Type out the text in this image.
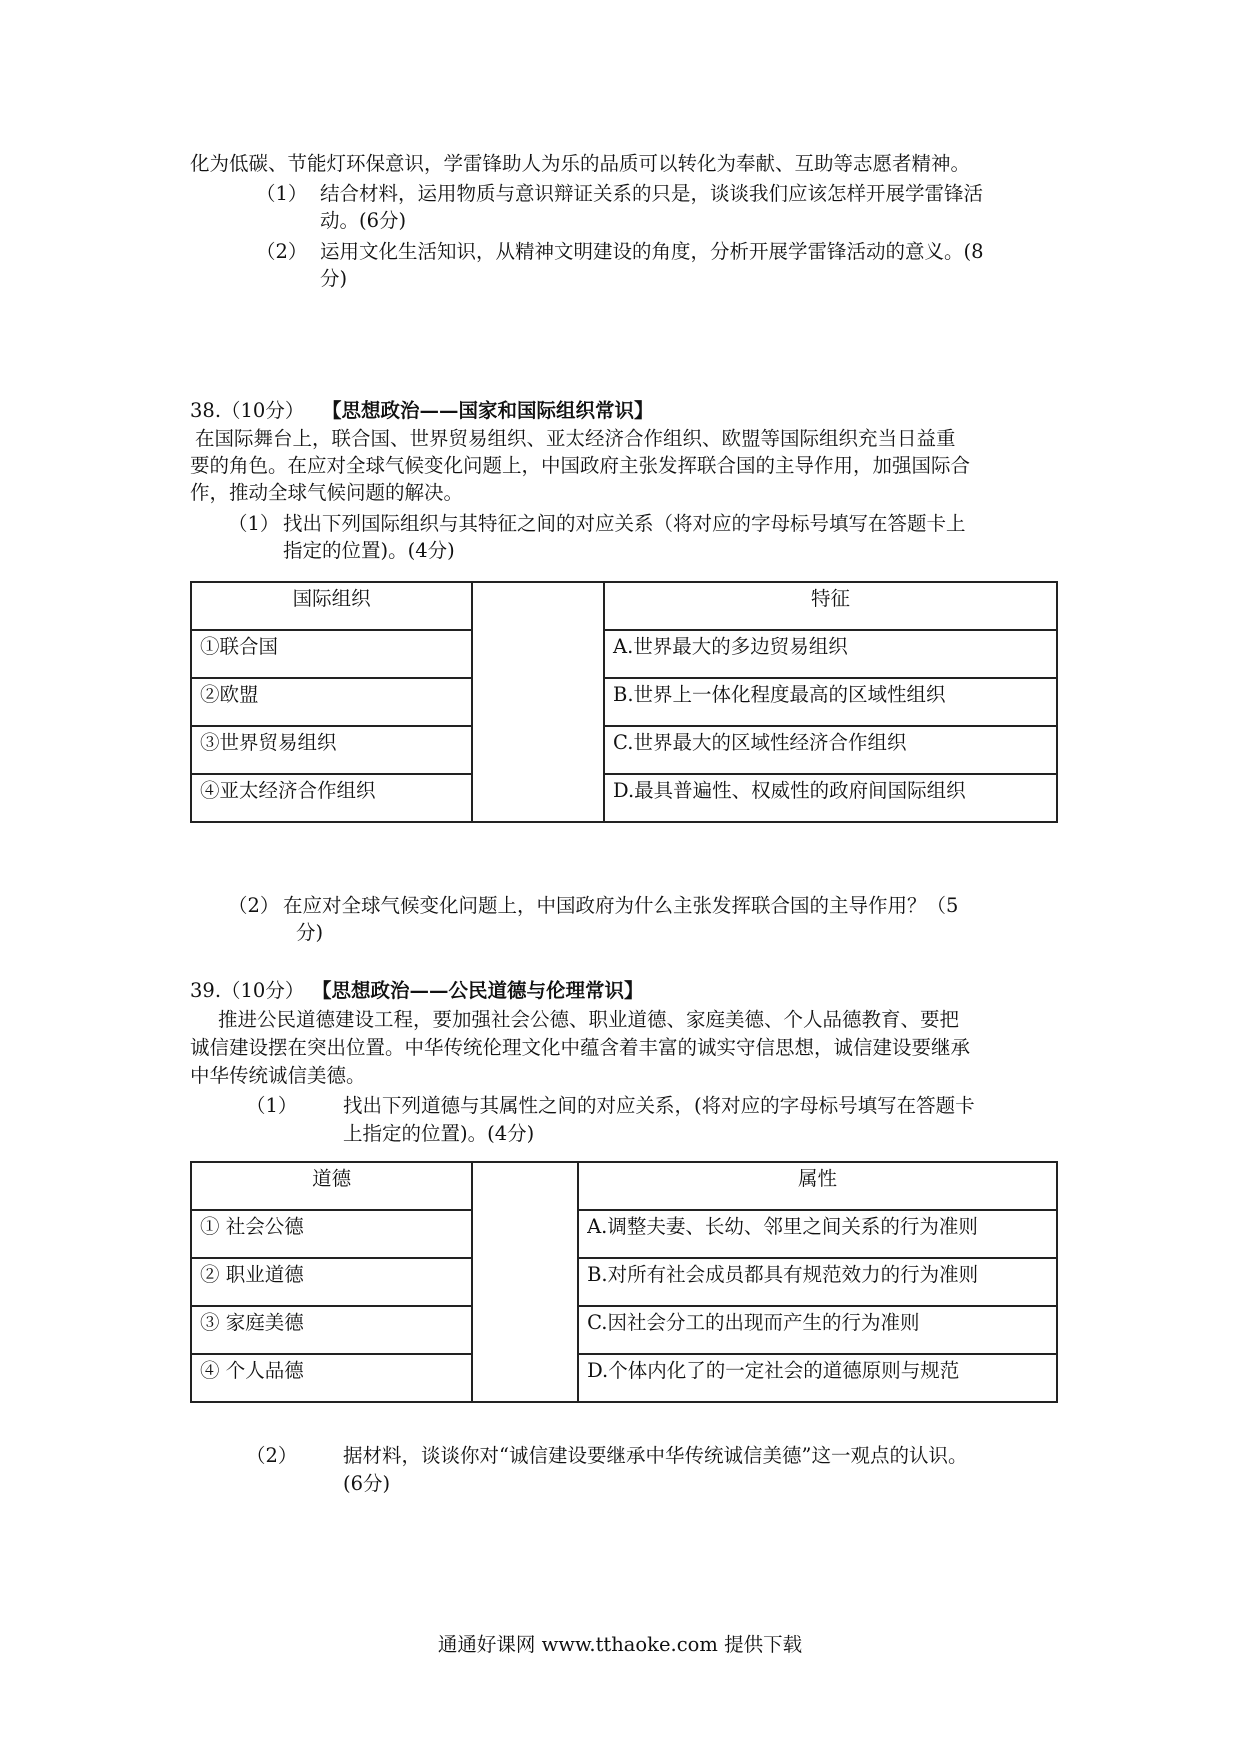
化为低碳、节能灯环保意识，学雷锋助人为乐的品质可以转化为奉献、互助等志愿者精神。
（1） 结合材料，运用物质与意识辩证关系的只是，谈谈我们应该怎样开展学雷锋活
动。(6分)
（2） 运用文化生活知识，从精神文明建设的角度，分析开展学雷锋活动的意义。(8
分)
38.（10分） 【思想政治——国家和国际组织常识】
在国际舞台上，联合国、世界贸易组织、亚太经济合作组织、欧盟等国际组织充当日益重
要的角色。在应对全球气候变化问题上，中国政府主张发挥联合国的主导作用，加强国际合
作，推动全球气候问题的解决。
（1） 找出下列国际组织与其特征之间的对应关系（将对应的字母标号填写在答题卡上
指定的位置)。(4分)
国际组织		特征
①联合国		A.世界最大的多边贸易组织
②欧盟		B.世界上一体化程度最高的区域性组织
③世界贸易组织		C.世界最大的区域性经济合作组织
④亚太经济合作组织		D.最具普遍性、权威性的政府间国际组织
（2） 在应对全球气候变化问题上，中国政府为什么主张发挥联合国的主导作用？（5
分)
39.（10分） 【思想政治——公民道德与伦理常识】
推进公民道德建设工程，要加强社会公德、职业道德、家庭美德、个人品德教育、要把
诚信建设摆在突出位置。中华传统伦理文化中蕴含着丰富的诚实守信思想，诚信建设要继承
中华传统诚信美德。
（1） 找出下列道德与其属性之间的对应关系，(将对应的字母标号填写在答题卡
上指定的位置)。(4分)
道德		属性
① 社会公德		A.调整夫妻、长幼、邻里之间关系的行为准则
② 职业道德		B.对所有社会成员都具有规范效力的行为准则
③ 家庭美德		C.因社会分工的出现而产生的行为准则
④ 个人品德		D.个体内化了的一定社会的道德原则与规范
（2） 据材料，谈谈你对“诚信建设要继承中华传统诚信美德”这一观点的认识。
(6分)
通通好课网 www.tthaoke.com 提供下载
